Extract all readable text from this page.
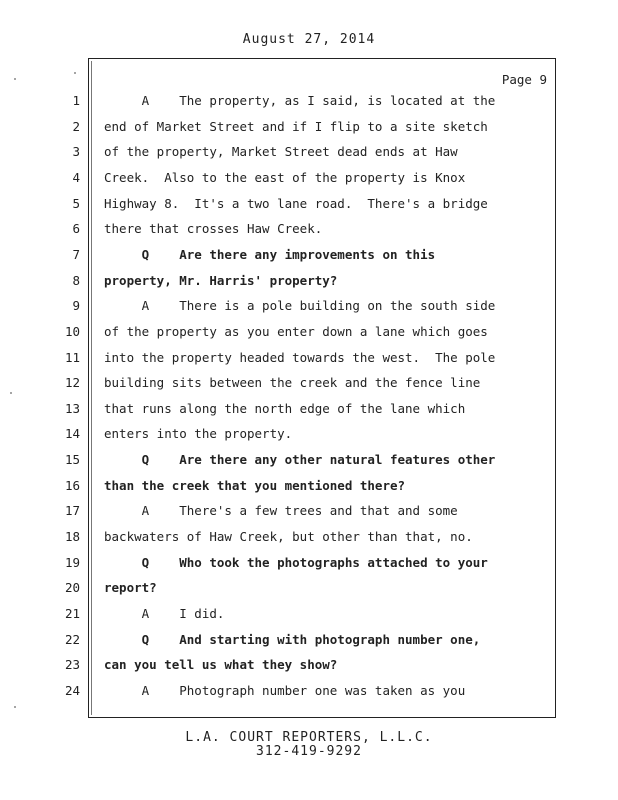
August 27, 2014
Page 9
1 A    The property, as I said, is located at the
2 end of Market Street and if I flip to a site sketch
3 of the property, Market Street dead ends at Haw
4 Creek.  Also to the east of the property is Knox
5 Highway 8.  It's a two lane road.  There's a bridge
6 there that crosses Haw Creek.
7 Q    Are there any improvements on this
8 property, Mr. Harris' property?
9 A    There is a pole building on the south side
10 of the property as you enter down a lane which goes
11 into the property headed towards the west.  The pole
12 building sits between the creek and the fence line
13 that runs along the north edge of the lane which
14 enters into the property.
15 Q    Are there any other natural features other
16 than the creek that you mentioned there?
17 A    There's a few trees and that and some
18 backwaters of Haw Creek, but other than that, no.
19 Q    Who took the photographs attached to your
20 report?
21 A    I did.
22 Q    And starting with photograph number one,
23 can you tell us what they show?
24 A    Photograph number one was taken as you
L.A. COURT REPORTERS, L.L.C.
312-419-9292
